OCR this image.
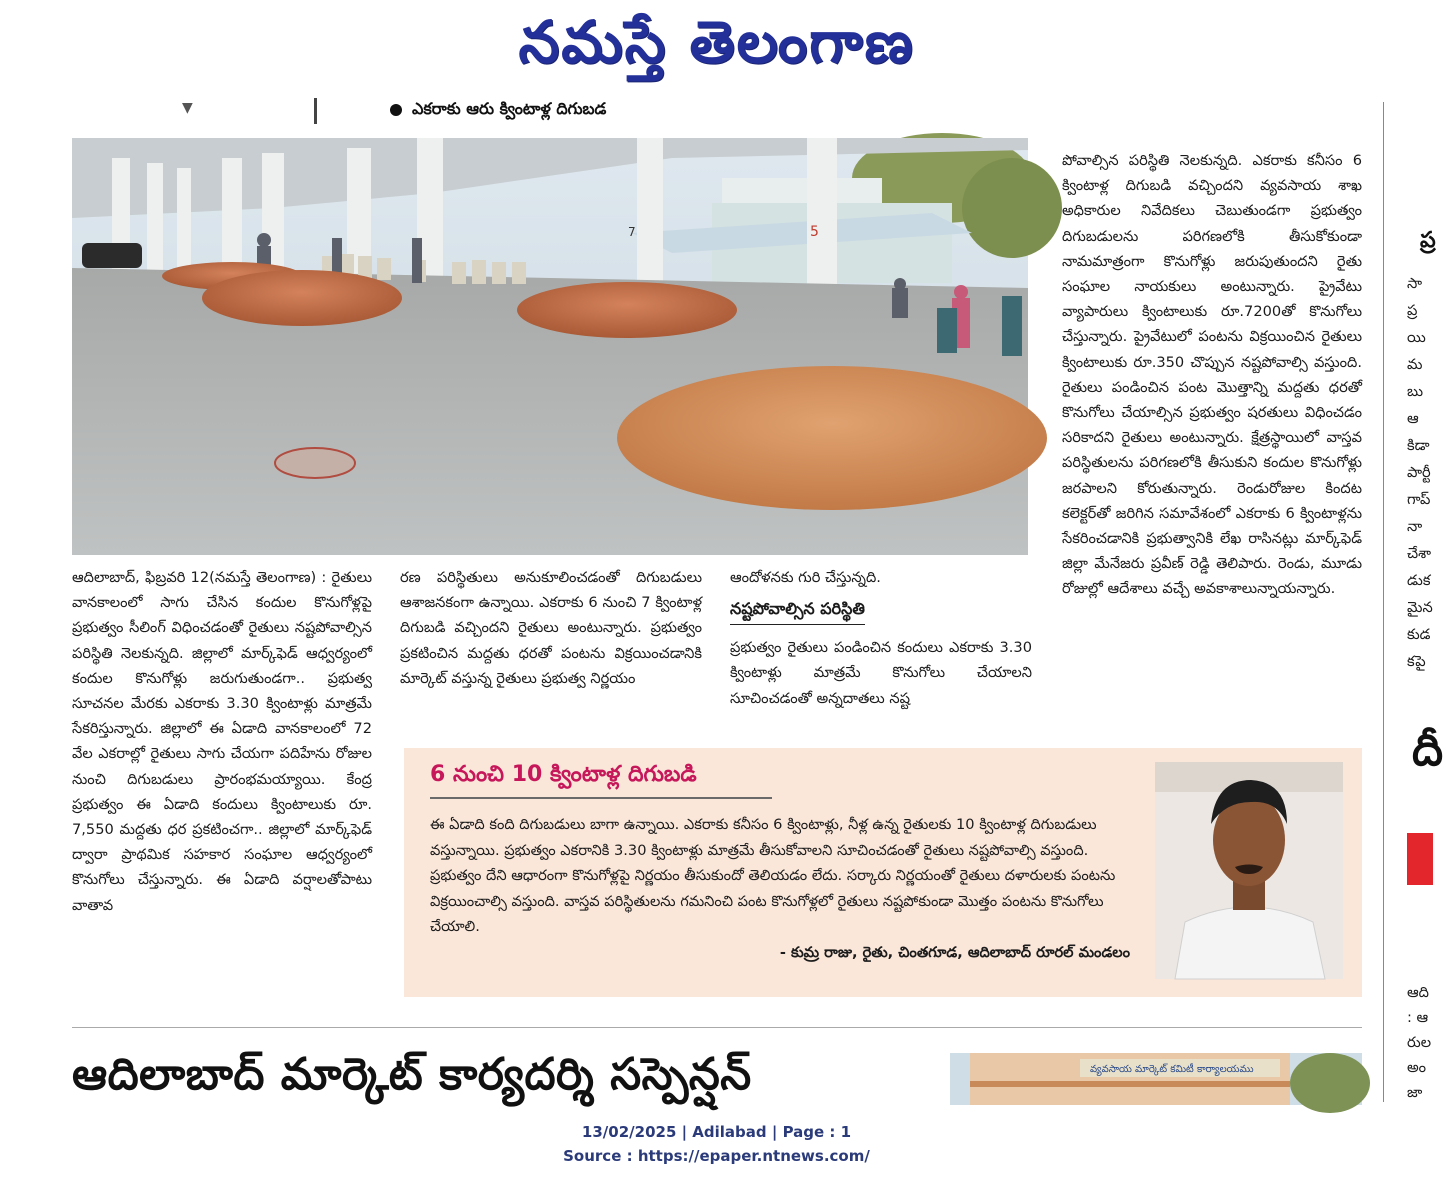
నమస్తే తెలంగాణ
▼	ఎకరాకు ఆరు క్వింటాళ్ల దిగుబడ
5
7

ఆదిలాబాద్, ఫిబ్రవరి 12(నమస్తే తెలంగాణ) : రైతులు వానకాలంలో సాగు చేసిన కందుల కొనుగోళ్లపై ప్రభుత్వం సీలింగ్ విధించడంతో రైతులు నష్టపోవాల్సిన పరిస్థితి నెలకున్నది. జిల్లాలో మార్క్‌ఫెడ్ ఆధ్వర్యంలో కందుల కొనుగోళ్లు జరుగుతుండగా.. ప్రభుత్వ సూచనల మేరకు ఎకరాకు 3.30 క్వింటాళ్లు మాత్రమే సేకరిస్తున్నారు. జిల్లాలో ఈ ఏడాది వానకాలంలో 72 వేల ఎకరాల్లో రైతులు సాగు చేయగా పదిహేను రోజుల నుంచి దిగుబడులు ప్రారంభమయ్యాయి. కేంద్ర ప్రభుత్వం ఈ ఏడాది కందులు క్వింటాలుకు రూ. 7,550 మద్దతు ధర ప్రకటించగా.. జిల్లాలో మార్క్‌ఫెడ్ ద్వారా ప్రాథమిక సహకార సంఘాల ఆధ్వర్యంలో కొనుగోలు చేస్తున్నారు. ఈ ఏడాది వర్షాలతోపాటు వాతావ

రణ పరిస్థితులు అనుకూలించడంతో దిగుబడులు ఆశాజనకంగా ఉన్నాయి. ఎకరాకు 6 నుంచి 7 క్వింటాళ్ల దిగుబడి వచ్చిందని రైతులు అంటున్నారు. ప్రభుత్వం ప్రకటించిన మద్దతు ధరతో పంటను విక్రయించడానికి మార్కెట్ వస్తున్న రైతులు ప్రభుత్వ నిర్ణయం

ఆందోళనకు గురి చేస్తున్నది.

నష్టపోవాల్సిన పరిస్థితి

ప్రభుత్వం రైతులు పండించిన కందులు ఎకరాకు 3.30 క్వింటాళ్లు మాత్రమే కొనుగోలు చేయాలని సూచించడంతో అన్నదాతలు నష్ట

పోవాల్సిన పరిస్థితి నెలకున్నది. ఎకరాకు కనీసం 6 క్వింటాళ్ల దిగుబడి వచ్చిందని వ్యవసాయ శాఖ అధికారుల నివేదికలు చెబుతుండగా ప్రభుత్వం దిగుబడులను పరిగణలోకి తీసుకోకుండా నామమాత్రంగా కొనుగోళ్లు జరుపుతుందని రైతు సంఘాల నాయకులు అంటున్నారు. ప్రైవేటు వ్యాపారులు క్వింటాలుకు రూ.7200తో కొనుగోలు చేస్తున్నారు. ప్రైవేటులో పంటను విక్రయించిన రైతులు క్వింటాలుకు రూ.350 చొప్పున నష్టపోవాల్సి వస్తుంది. రైతులు పండించిన పంట మొత్తాన్ని మద్దతు ధరతో కొనుగోలు చేయాల్సిన ప్రభుత్వం షరతులు విధించడం సరికాదని రైతులు అంటున్నారు. క్షేత్రస్థాయిలో వాస్తవ పరిస్థితులను పరిగణలోకి తీసుకుని కందుల కొనుగోళ్లు జరపాలని కోరుతున్నారు. రెండురోజుల కిందట కలెక్టర్‌తో జరిగిన సమావేశంలో ఎకరాకు 6 క్వింటాళ్లను సేకరించడానికి ప్రభుత్వానికి లేఖ రాసినట్లు మార్క్‌ఫెడ్ జిల్లా మేనేజరు ప్రవీణ్ రెడ్డి తెలిపారు. రెండు, మూడు రోజుల్లో ఆదేశాలు వచ్చే అవకాశాలున్నాయన్నారు.

ప్ర
సా
ప్ర
యి
మ
బు
ఆ
కిడా
పార్టీ
గాప్
నా
చేశా
డుక
మైన
కుడ
కపై
దీ
ఆది
: ఆ
రుల
అం
జా
6 నుంచి 10 క్వింటాళ్ల దిగుబడి

ఈ ఏడాది కంది దిగుబడులు బాగా ఉన్నాయి. ఎకరాకు కనీసం 6 క్వింటాళ్లు, నీళ్ల ఉన్న రైతులకు 10 క్వింటాళ్ల దిగుబడులు వస్తున్నాయి. ప్రభుత్వం ఎకరానికి 3.30 క్వింటాళ్లు మాత్రమే తీసుకోవాలని సూచించడంతో రైతులు నష్టపోవాల్సి వస్తుంది. ప్రభుత్వం దేని ఆధారంగా కొనుగోళ్లపై నిర్ణయం తీసుకుందో తెలియడం లేదు. సర్కారు నిర్ణయంతో రైతులు దళారులకు పంటను విక్రయించాల్సి వస్తుంది. వాస్తవ పరిస్థితులను గమనించి పంట కొనుగోళ్లలో రైతులు నష్టపోకుండా మొత్తం పంటను కొనుగోలు చేయాలి.

- కుమ్ర రాజు, రైతు, చింతగూడ, ఆదిలాబాద్ రూరల్ మండలం

ఆదిలాబాద్ మార్కెట్ కార్యదర్శి సస్పెన్షన్	వ్యవసాయ మార్కెట్ కమిటీ కార్యాలయము
13/02/2025 | Adilabad | Page : 1
Source : https://epaper.ntnews.com/
